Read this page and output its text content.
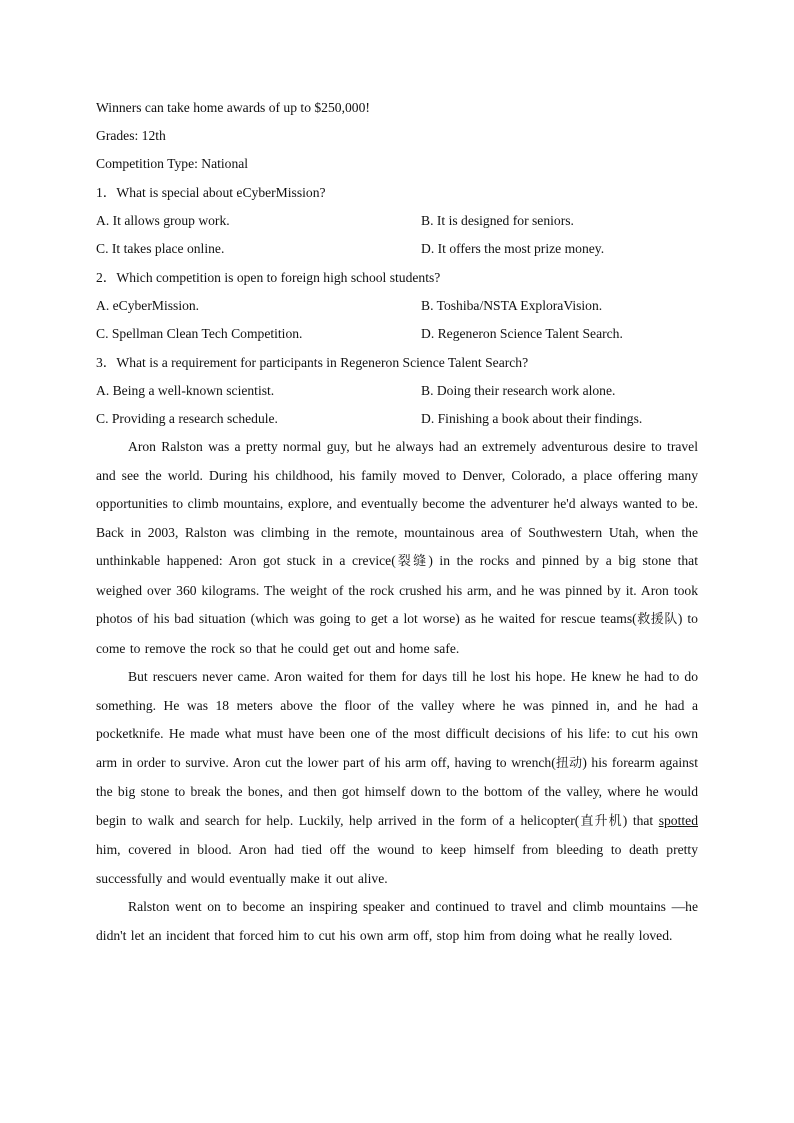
Winners can take home awards of up to $250,000!
Grades: 12th
Competition Type: National
1．What is special about eCyberMission?
A. It allows group work.	B. It is designed for seniors.
C. It takes place online.	D. It offers the most prize money.
2．Which competition is open to foreign high school students?
A. eCyberMission.	B. Toshiba/NSTA ExploraVision.
C. Spellman Clean Tech Competition.	D. Regeneron Science Talent Search.
3．What is a requirement for participants in Regeneron Science Talent Search?
A. Being a well-known scientist.	B. Doing their research work alone.
C. Providing a research schedule.	D. Finishing a book about their findings.

Aron Ralston was a pretty normal guy, but he always had an extremely adventurous desire to travel and see the world. During his childhood, his family moved to Denver, Colorado, a place offering many opportunities to climb mountains, explore, and eventually become the adventurer he'd always wanted to be. Back in 2003, Ralston was climbing in the remote, mountainous area of Southwestern Utah, when the unthinkable happened: Aron got stuck in a crevice(裂缝) in the rocks and pinned by a big stone that weighed over 360 kilograms. The weight of the rock crushed his arm, and he was pinned by it. Aron took photos of his bad situation (which was going to get a lot worse) as he waited for rescue teams(救援队) to come to remove the rock so that he could get out and home safe.

But rescuers never came. Aron waited for them for days till he lost his hope. He knew he had to do something. He was 18 meters above the floor of the valley where he was pinned in, and he had a pocketknife. He made what must have been one of the most difficult decisions of his life: to cut his own arm in order to survive. Aron cut the lower part of his arm off, having to wrench(扭动) his forearm against the big stone to break the bones, and then got himself down to the bottom of the valley, where he would begin to walk and search for help. Luckily, help arrived in the form of a helicopter(直升机) that spotted him, covered in blood. Aron had tied off the wound to keep himself from bleeding to death pretty successfully and would eventually make it out alive.

Ralston went on to become an inspiring speaker and continued to travel and climb mountains —he didn't let an incident that forced him to cut his own arm off, stop him from doing what he really loved.
